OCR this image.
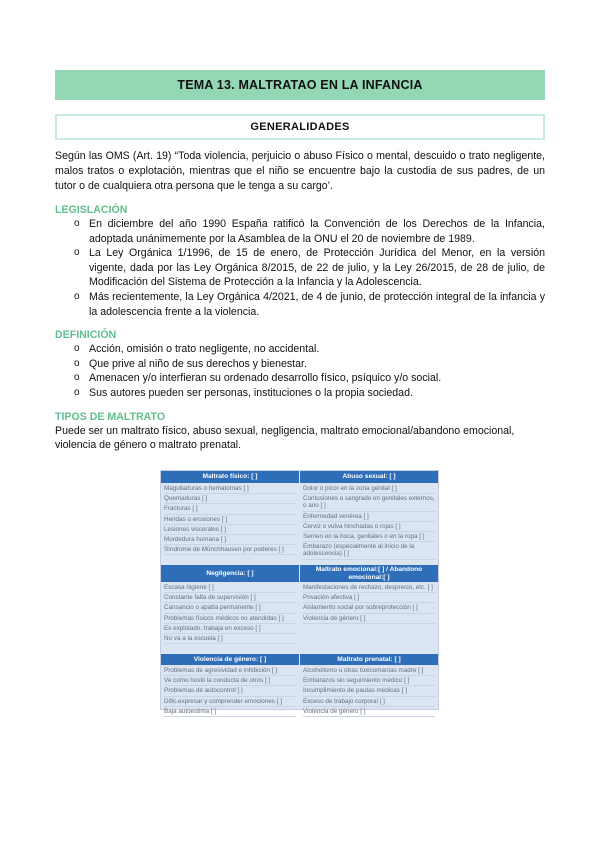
TEMA 13. MALTRATAO EN LA INFANCIA
GENERALIDADES

Según las OMS (Art. 19) “Toda violencia, perjuicio o abuso Físico o mental, descuido o trato negligente, malos tratos o explotación, mientras que el niño se encuentre bajo la custodia de sus padres, de un tutor o de cualquiera otra persona que le tenga a su cargo’.

LEGISLACIÓN
o En diciembre del año 1990 España ratificó la Convención de los Derechos de la Infancia, adoptada unánimemente por la Asamblea de la ONU el 20 de noviembre de 1989.
o La Ley Orgánica 1/1996, de 15 de enero, de Protección Jurídica del Menor, en la versión vigente, dada por las Ley Orgánica 8/2015, de 22 de julio, y la Ley 26/2015, de 28 de julio, de Modificación del Sistema de Protección a la Infancia y la Adolescencia.
o Más recientemente, la Ley Orgánica 4/2021, de 4 de junio, de protección integral de la infancia y la adolescencia frente a la violencia.
DEFINICIÓN
o Acción, omisión o trato negligente, no accidental.
o Que prive al niño de sus derechos y bienestar.
o Amenacen y/o interfieran su ordenado desarrollo físico, psíquico y/o social.
o Sus autores pueden ser personas, instituciones o la propia sociedad.
TIPOS DE MALTRATO
Puede ser un maltrato físico, abuso sexual, negligencia, maltrato emocional/abandono emocional, violencia de género o maltrato prenatal.
Maltrato físico: [ ]
Magulladuras o hematomas [ ]
Quemaduras [ ]
Fracturas [ ]
Heridas o erosiones [ ]
Lesiones viscerales [ ]
Mordedura humana [ ]
Síndrome de Münchhausen por poderes [ ]
Negligencia: [ ]
Escasa higiene [ ]
Constante falta de supervisión [ ]
Cansancio o apatía permanente [ ]
Problemas físicos médicos no atendidas [ ]
Es explotado, trabaja en exceso [ ]
No va a la escuela [ ]
Violencia de género: [ ]
Problemas de agresividad e inhibición [ ]
Ve como hostil la conducta de otros [ ]
Problemas de autocontrol [ ]
Dific.expresar y comprender emociones [ ]
Baja autoestima [ ]
Abuso sexual: [ ]
Dolor o picor en la zona genital [ ]
Contusiones o sangrado en genitales externos, o ano [ ]
Enfermedad venérea [ ]
Cerviz o vulva hinchadas o rojas [ ]
Semen en la boca, genitales o en la ropa [ ]
Embarazo (especialmente al inicio de la adolescencia) [ ]
Maltrato emocional:[ ] / Abandono emocional:[ ]
Manifestaciones de rechazo, desprecio, etc. [ ]
Privación afectiva [ ]
Aislamiento social por sobreprotección [ ]
Violencia de género [ ]
Maltrato prenatal: [ ]
Alcoholismo u otras toxicomanías madre [ ]
Embarazos sin seguimiento médico [ ]
Incumplimiento de pautas médicas [ ]
Exceso de trabajo corporal [ ]
Violencia de género [ ]
